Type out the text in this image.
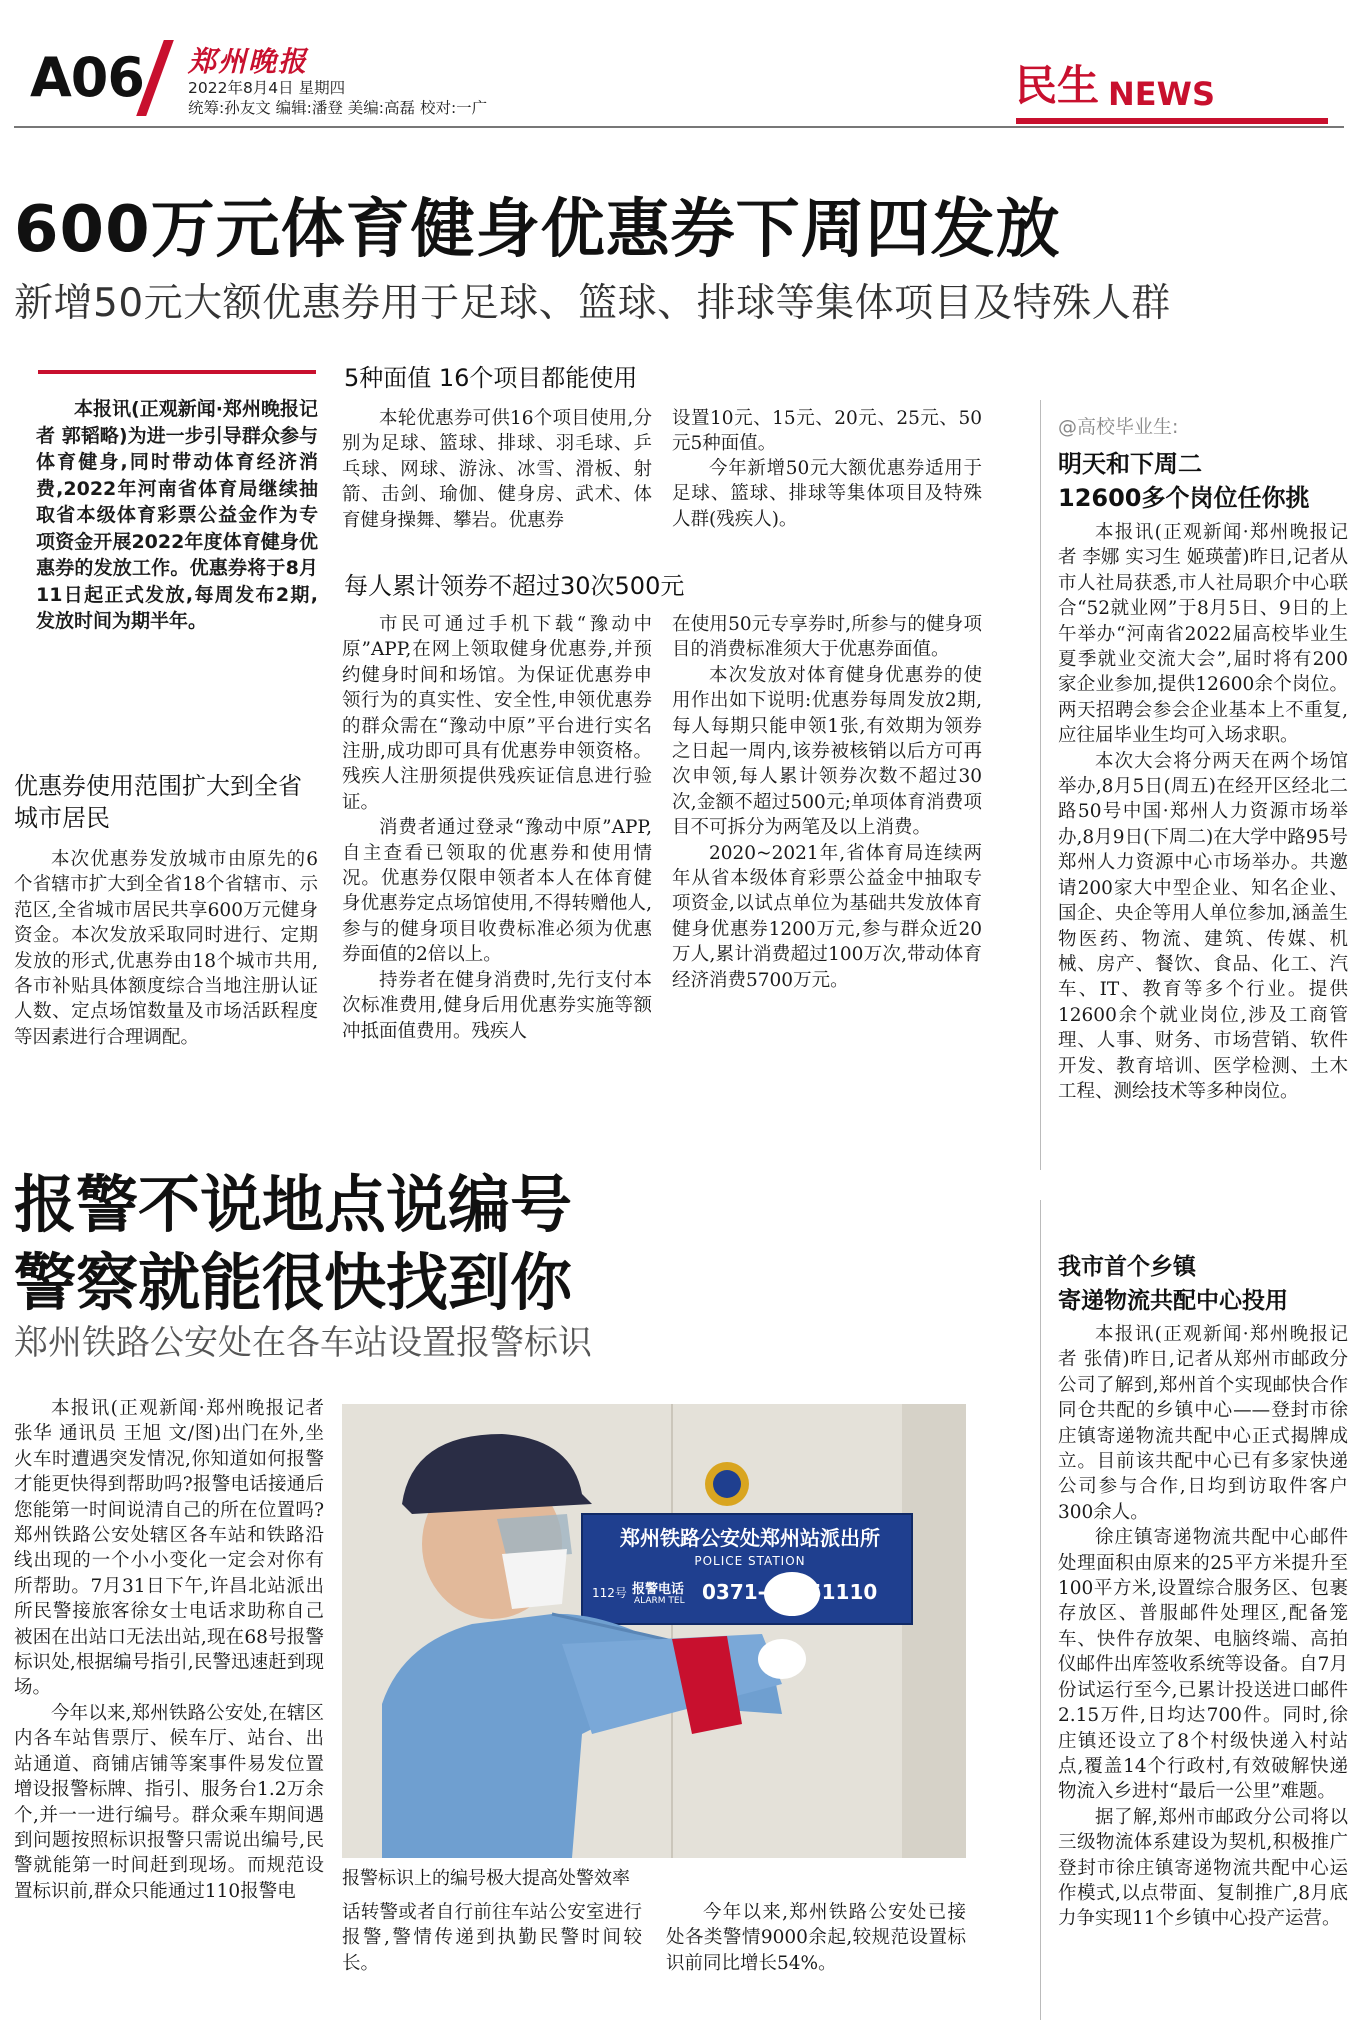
A06 郑州晚报
2022年8月4日 星期四
统筹:孙友文 编辑:潘登 美编:高磊 校对:一广	民生 NEWS
600万元体育健身优惠券下周四发放
新增50元大额优惠券用于足球、篮球、排球等集体项目及特殊人群
本报讯(正观新闻·郑州晚报记者 郭韬略)为进一步引导群众参与体育健身,同时带动体育经济消费,2022年河南省体育局继续抽取省本级体育彩票公益金作为专项资金开展2022年度体育健身优惠券的发放工作。优惠券将于8月11日起正式发放,每周发布2期,发放时间为期半年。
优惠券使用范围扩大到全省城市居民
本次优惠券发放城市由原先的6个省辖市扩大到全省18个省辖市、示范区,全省城市居民共享600万元健身资金。本次发放采取同时进行、定期发放的形式,优惠券由18个城市共用,各市补贴具体额度综合当地注册认证人数、定点场馆数量及市场活跃程度等因素进行合理调配。
5种面值 16个项目都能使用
本轮优惠券可供16个项目使用,分别为足球、篮球、排球、羽毛球、乒乓球、网球、游泳、冰雪、滑板、射箭、击剑、瑜伽、健身房、武术、体育健身操舞、攀岩。优惠券
设置10元、15元、20元、25元、50元5种面值。
今年新增50元大额优惠券适用于足球、篮球、排球等集体项目及特殊人群(残疾人)。
每人累计领券不超过30次500元

市民可通过手机下载“豫动中原”APP,在网上领取健身优惠券,并预约健身时间和场馆。为保证优惠券申领行为的真实性、安全性,申领优惠券的群众需在“豫动中原”平台进行实名注册,成功即可具有优惠券申领资格。残疾人注册须提供残疾证信息进行验证。

消费者通过登录“豫动中原”APP,自主查看已领取的优惠券和使用情况。优惠券仅限申领者本人在体育健身优惠券定点场馆使用,不得转赠他人,参与的健身项目收费标准必须为优惠券面值的2倍以上。

持券者在健身消费时,先行支付本次标准费用,健身后用优惠券实施等额冲抵面值费用。残疾人

在使用50元专享券时,所参与的健身项目的消费标准须大于优惠券面值。

本次发放对体育健身优惠券的使用作出如下说明:优惠券每周发放2期,每人每期只能申领1张,有效期为领券之日起一周内,该券被核销以后方可再次申领,每人累计领券次数不超过30次,金额不超过500元;单项体育消费项目不可拆分为两笔及以上消费。

2020~2021年,省体育局连续两年从省本级体育彩票公益金中抽取专项资金,以试点单位为基础共发放体育健身优惠券1200万元,参与群众近20万人,累计消费超过100万次,带动体育经济消费5700万元。

@高校毕业生:
明天和下周二
12600多个岗位任你挑

本报讯(正观新闻·郑州晚报记者 李娜 实习生 姬瑛蕾)昨日,记者从市人社局获悉,市人社局职介中心联合“52就业网”于8月5日、9日的上午举办“河南省2022届高校毕业生夏季就业交流大会”,届时将有200家企业参加,提供12600余个岗位。两天招聘会参会企业基本上不重复,应往届毕业生均可入场求职。

本次大会将分两天在两个场馆举办,8月5日(周五)在经开区经北二路50号中国·郑州人力资源市场举办,8月9日(下周二)在大学中路95号郑州人力资源中心市场举办。共邀请200家大中型企业、知名企业、国企、央企等用人单位参加,涵盖生物医药、物流、建筑、传媒、机械、房产、餐饮、食品、化工、汽车、IT、教育等多个行业。提供12600余个就业岗位,涉及工商管理、人事、财务、市场营销、软件开发、教育培训、医学检测、土木工程、测绘技术等多种岗位。

报警不说地点说编号
警察就能很快找到你
郑州铁路公安处在各车站设置报警标识

本报讯(正观新闻·郑州晚报记者 张华 通讯员 王旭 文/图)出门在外,坐火车时遭遇突发情况,你知道如何报警才能更快得到帮助吗?报警电话接通后您能第一时间说清自己的所在位置吗?郑州铁路公安处辖区各车站和铁路沿线出现的一个小小变化一定会对你有所帮助。7月31日下午,许昌北站派出所民警接旅客徐女士电话求助称自己被困在出站口无法出站,现在68号报警标识处,根据编号指引,民警迅速赶到现场。

今年以来,郑州铁路公安处,在辖区内各车站售票厅、候车厅、站台、出站通道、商铺店铺等案事件易发位置增设报警标牌、指引、服务台1.2万余个,并一一进行编号。群众乘车期间遇到问题按照标识报警只需说出编号,民警就能第一时间赶到现场。而规范设置标识前,群众只能通过110报警电

郑州铁路公安处郑州站派出所
POLICE STATION
112号 报警电话
ALARM TEL 0371-68351110
报警标识上的编号极大提高处警效率
话转警或者自行前往车站公安室进行报警,警情传递到执勤民警时间较长。
今年以来,郑州铁路公安处已接处各类警情9000余起,较规范设置标识前同比增长54%。
我市首个乡镇
寄递物流共配中心投用

本报讯(正观新闻·郑州晚报记者 张倩)昨日,记者从郑州市邮政分公司了解到,郑州首个实现邮快合作同仓共配的乡镇中心——登封市徐庄镇寄递物流共配中心正式揭牌成立。目前该共配中心已有多家快递公司参与合作,日均到访取件客户300余人。

徐庄镇寄递物流共配中心邮件处理面积由原来的25平方米提升至100平方米,设置综合服务区、包裹存放区、普服邮件处理区,配备笼车、快件存放架、电脑终端、高拍仪邮件出库签收系统等设备。自7月份试运行至今,已累计投送进口邮件2.15万件,日均达700件。同时,徐庄镇还设立了8个村级快递入村站点,覆盖14个行政村,有效破解快递物流入乡进村“最后一公里”难题。

据了解,郑州市邮政分公司将以三级物流体系建设为契机,积极推广登封市徐庄镇寄递物流共配中心运作模式,以点带面、复制推广,8月底力争实现11个乡镇中心投产运营。
